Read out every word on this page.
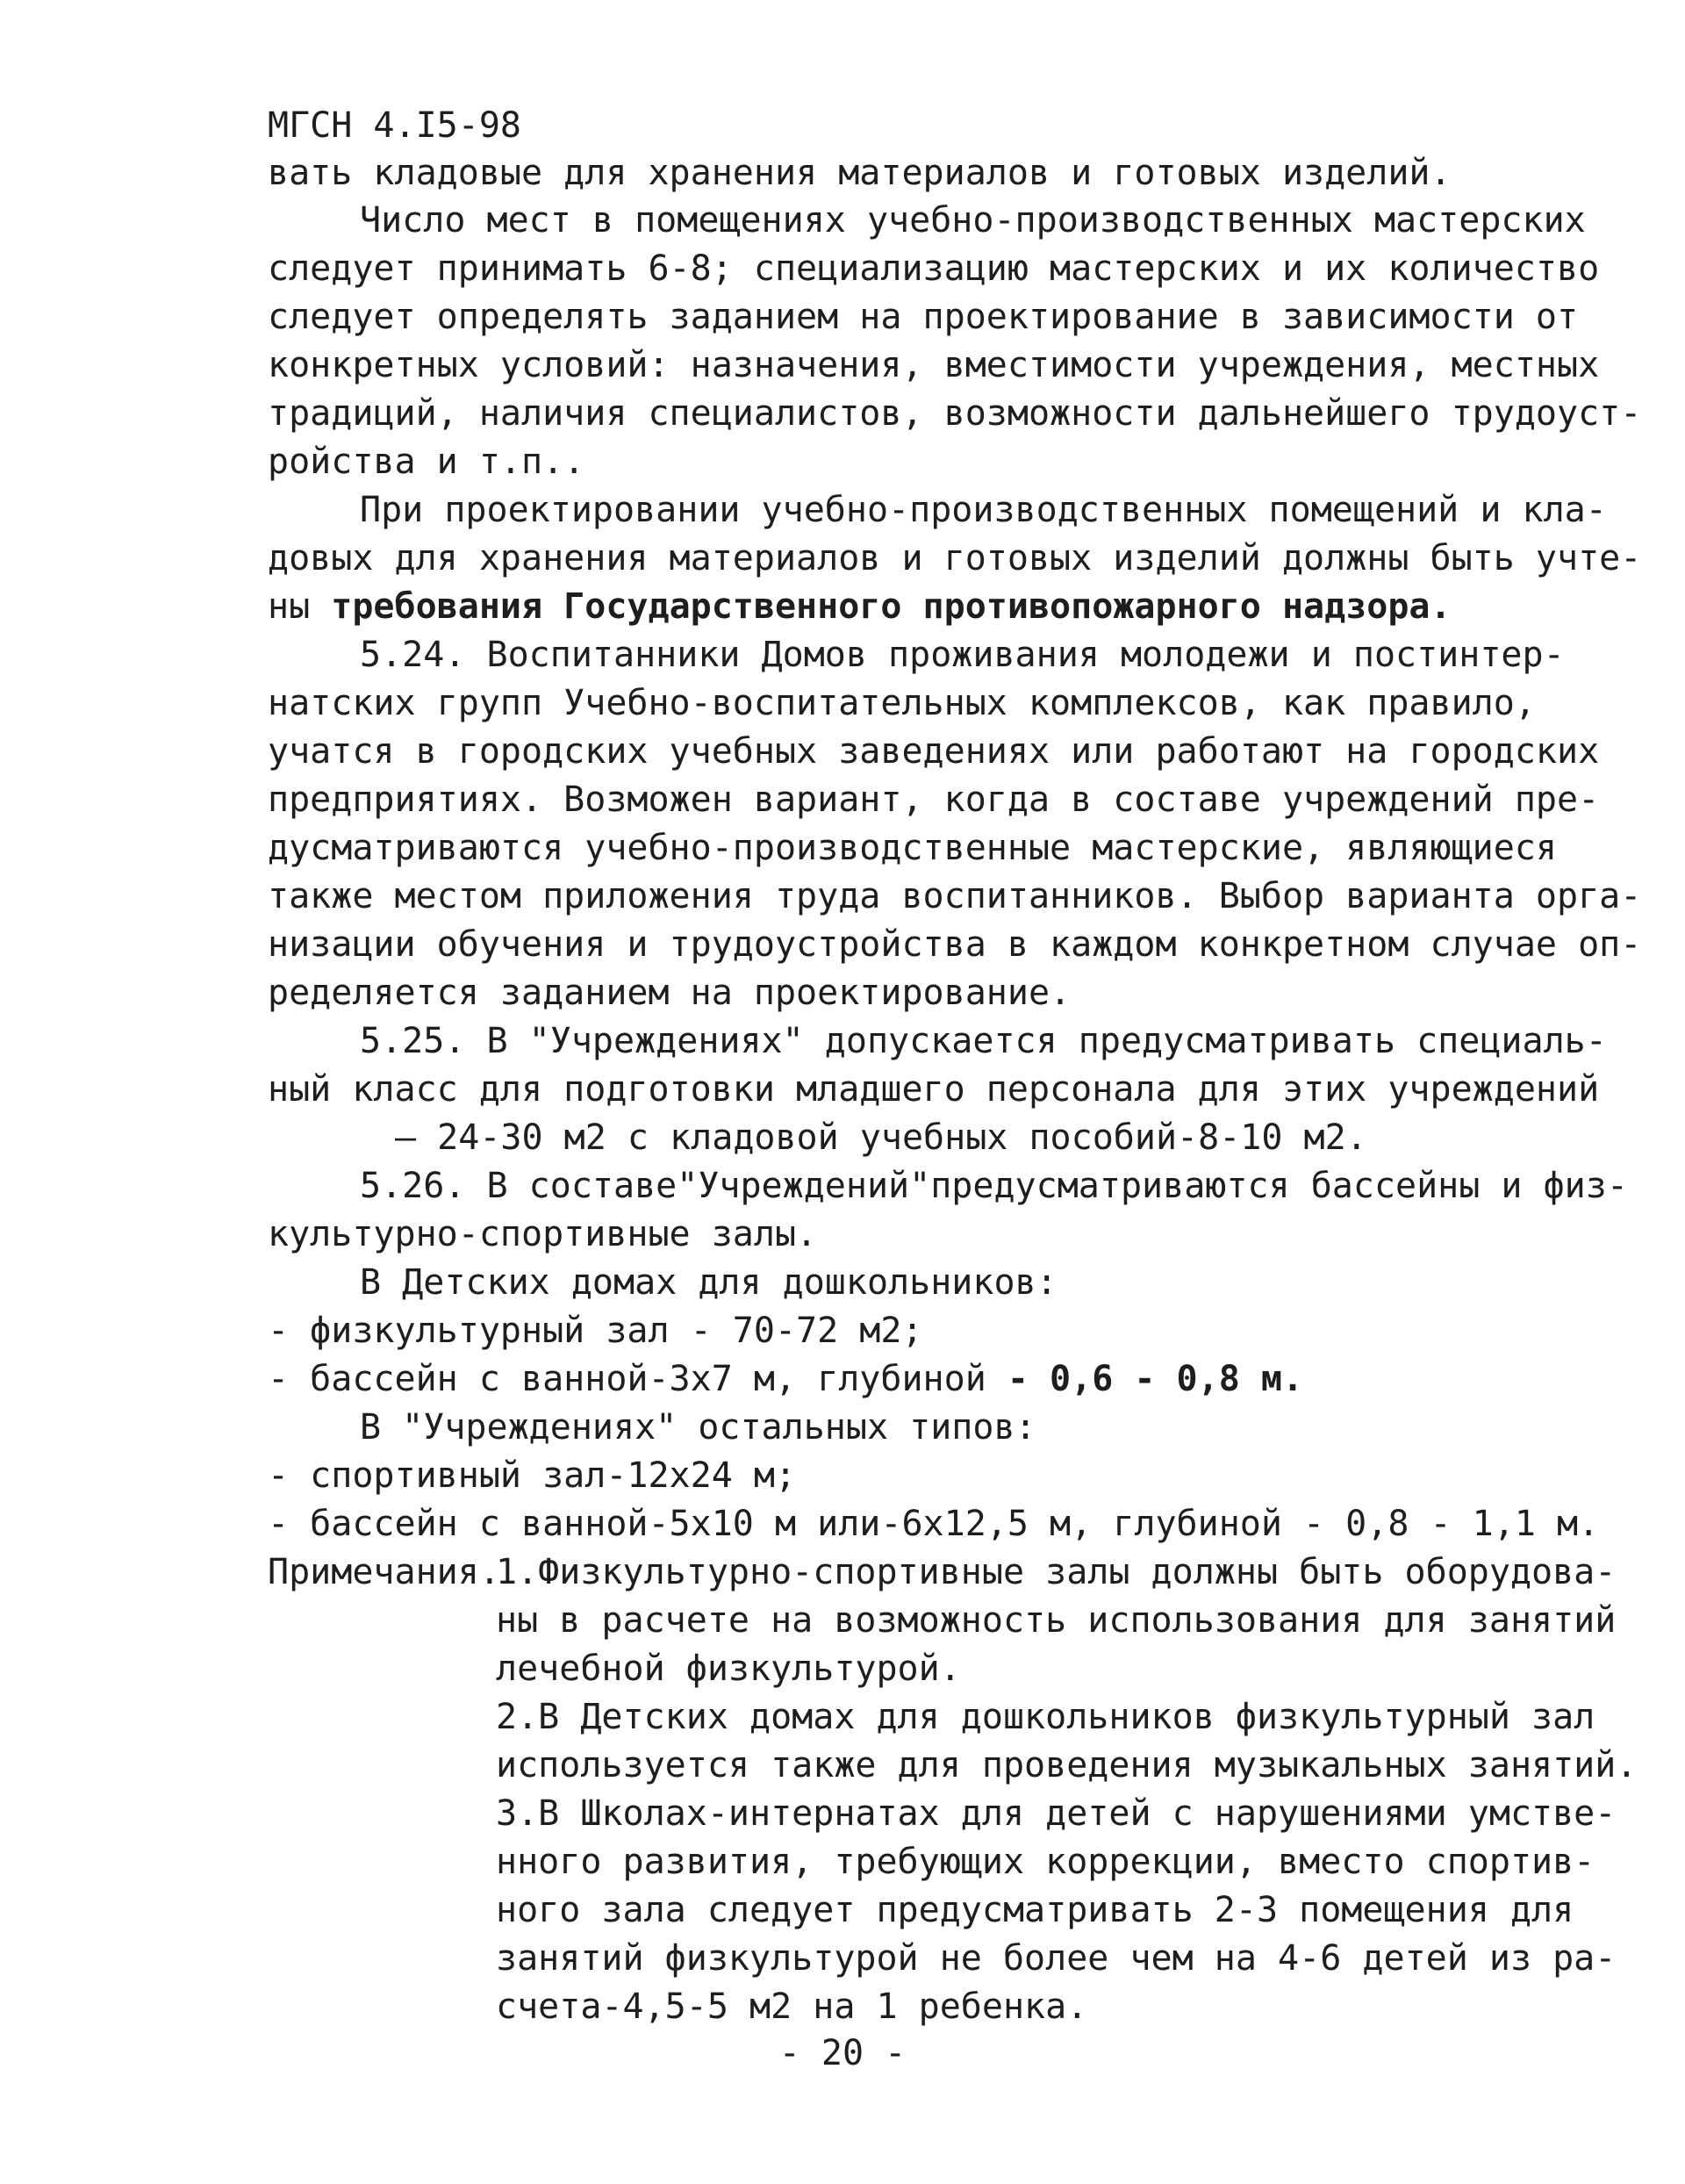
МГСН 4.I5-98
вать кладовые для хранения материалов и готовых изделий.
Число мест в помещениях учебно-производственных мастерских
следует принимать 6-8; специализацию мастерских и их количество
следует определять заданием на проектирование в зависимости от
конкретных условий: назначения, вместимости учреждения, местных
традиций, наличия специалистов, возможности дальнейшего трудоуст-
ройства и т.п..
При проектировании учебно-производственных помещений и кла-
довых для хранения материалов и готовых изделий должны быть учте-
ны требования Государственного противопожарного надзора.
5.24. Воспитанники Домов проживания молодежи и постинтер-
натских групп Учебно-воспитательных комплексов, как правило,
учатся в городских учебных заведениях или работают на городских
предприятиях. Возможен вариант, когда в составе учреждений пре-
дусматриваются учебно-производственные мастерские, являющиеся
также местом приложения труда воспитанников. Выбор варианта орга-
низации обучения и трудоустройства в каждом конкретном случае оп-
ределяется заданием на проектирование.
5.25. В "Учреждениях" допускается предусматривать специаль-
ный класс для подготовки младшего персонала для этих учреждений
— 24-30 м2 с кладовой учебных пособий-8-10 м2.
5.26. В составе"Учреждений"предусматриваются бассейны и физ-
культурно-спортивные залы.
В Детских домах для дошкольников:
- физкультурный зал - 70-72 м2;
- бассейн с ванной-3х7 м, глубиной - 0,6 - 0,8 м.
В "Учреждениях" остальных типов:
- спортивный зал-12х24 м;
- бассейн с ванной-5х10 м или-6х12,5 м, глубиной - 0,8 - 1,1 м.
Примечания.
1.Физкультурно-спортивные залы должны быть оборудова-
ны в расчете на возможность использования для занятий
лечебной физкультурой.
2.В Детских домах для дошкольников физкультурный зал
используется также для проведения музыкальных занятий.
3.В Школах-интернатах для детей с нарушениями умстве-
нного развития, требующих коррекции, вместо спортив-
ного зала следует предусматривать 2-3 помещения для
занятий физкультурой не более чем на 4-6 детей из ра-
счета-4,5-5 м2 на 1 ребенка.
- 20 -
